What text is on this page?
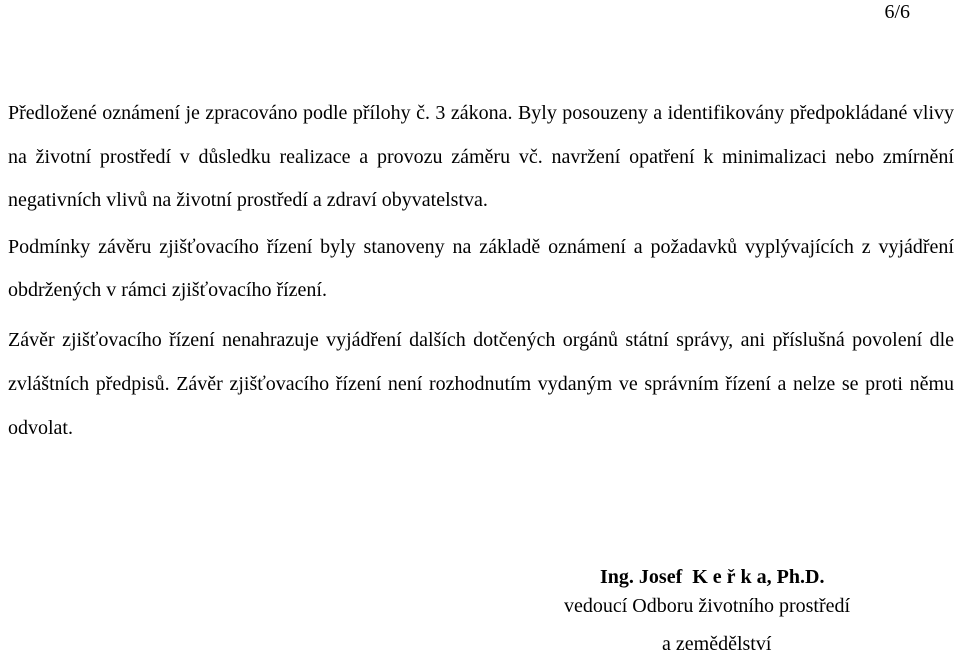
6/6

Předložené oznámení je zpracováno podle přílohy č. 3 zákona. Byly posouzeny a identifikovány předpokládané vlivy na životní prostředí v důsledku realizace a provozu záměru vč. navržení opatření k minimalizaci nebo zmírnění negativních vlivů na životní prostředí a zdraví obyvatelstva.

Podmínky závěru zjišťovacího řízení byly stanoveny na základě oznámení a požadavků vyplývajících z vyjádření obdržených v rámci zjišťovacího řízení.

Závěr zjišťovacího řízení nenahrazuje vyjádření dalších dotčených orgánů státní správy, ani příslušná povolení dle zvláštních předpisů. Závěr zjišťovacího řízení není rozhodnutím vydaným ve správním řízení a nelze se proti němu odvolat.

Ing. Josef  K e ř k a, Ph.D.
vedoucí Odboru životního prostředí
a zemědělství
